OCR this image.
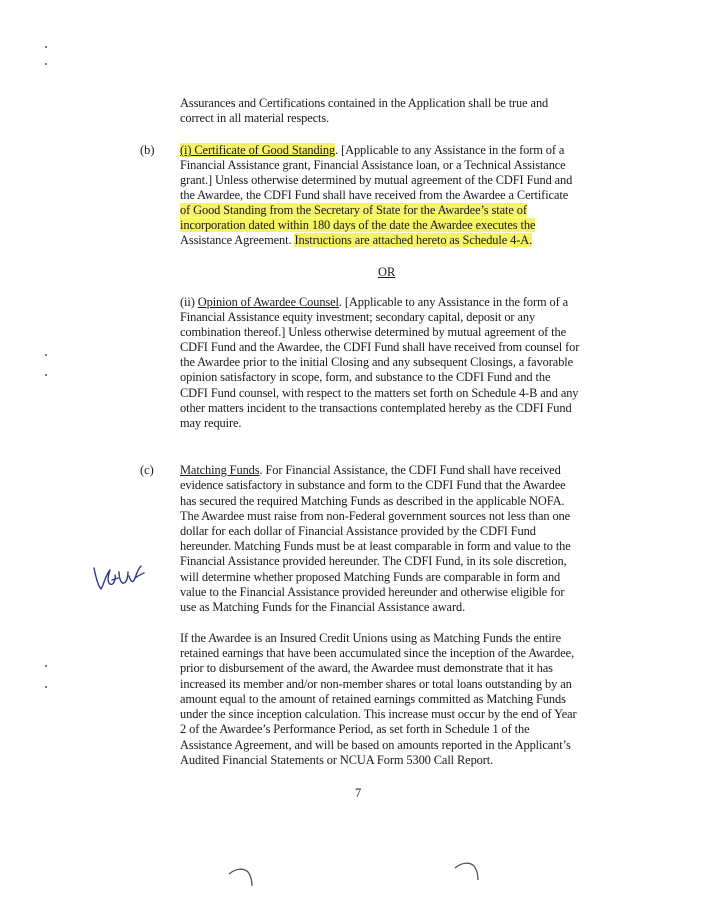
Assurances and Certifications contained in the Application shall be true and
correct in all material respects.
(b) (i) Certificate of Good Standing. [Applicable to any Assistance in the form of a
Financial Assistance grant, Financial Assistance loan, or a Technical Assistance
grant.] Unless otherwise determined by mutual agreement of the CDFI Fund and
the Awardee, the CDFI Fund shall have received from the Awardee a Certificate
of Good Standing from the Secretary of State for the Awardee’s state of
incorporation dated within 180 days of the date the Awardee executes the
Assistance Agreement. Instructions are attached hereto as Schedule 4-A.
OR
(ii) Opinion of Awardee Counsel. [Applicable to any Assistance in the form of a
Financial Assistance equity investment; secondary capital, deposit or any
combination thereof.] Unless otherwise determined by mutual agreement of the
CDFI Fund and the Awardee, the CDFI Fund shall have received from counsel for
the Awardee prior to the initial Closing and any subsequent Closings, a favorable
opinion satisfactory in scope, form, and substance to the CDFI Fund and the
CDFI Fund counsel, with respect to the matters set forth on Schedule 4-B and any
other matters incident to the transactions contemplated hereby as the CDFI Fund
may require.
(c) Matching Funds. For Financial Assistance, the CDFI Fund shall have received
evidence satisfactory in substance and form to the CDFI Fund that the Awardee
has secured the required Matching Funds as described in the applicable NOFA.
The Awardee must raise from non-Federal government sources not less than one
dollar for each dollar of Financial Assistance provided by the CDFI Fund
hereunder. Matching Funds must be at least comparable in form and value to the
Financial Assistance provided hereunder. The CDFI Fund, in its sole discretion,
will determine whether proposed Matching Funds are comparable in form and
value to the Financial Assistance provided hereunder and otherwise eligible for
use as Matching Funds for the Financial Assistance award.
If the Awardee is an Insured Credit Unions using as Matching Funds the entire
retained earnings that have been accumulated since the inception of the Awardee,
prior to disbursement of the award, the Awardee must demonstrate that it has
increased its member and/or non-member shares or total loans outstanding by an
amount equal to the amount of retained earnings committed as Matching Funds
under the since inception calculation. This increase must occur by the end of Year
2 of the Awardee’s Performance Period, as set forth in Schedule 1 of the
Assistance Agreement, and will be based on amounts reported in the Applicant’s
Audited Financial Statements or NCUA Form 5300 Call Report.
7
